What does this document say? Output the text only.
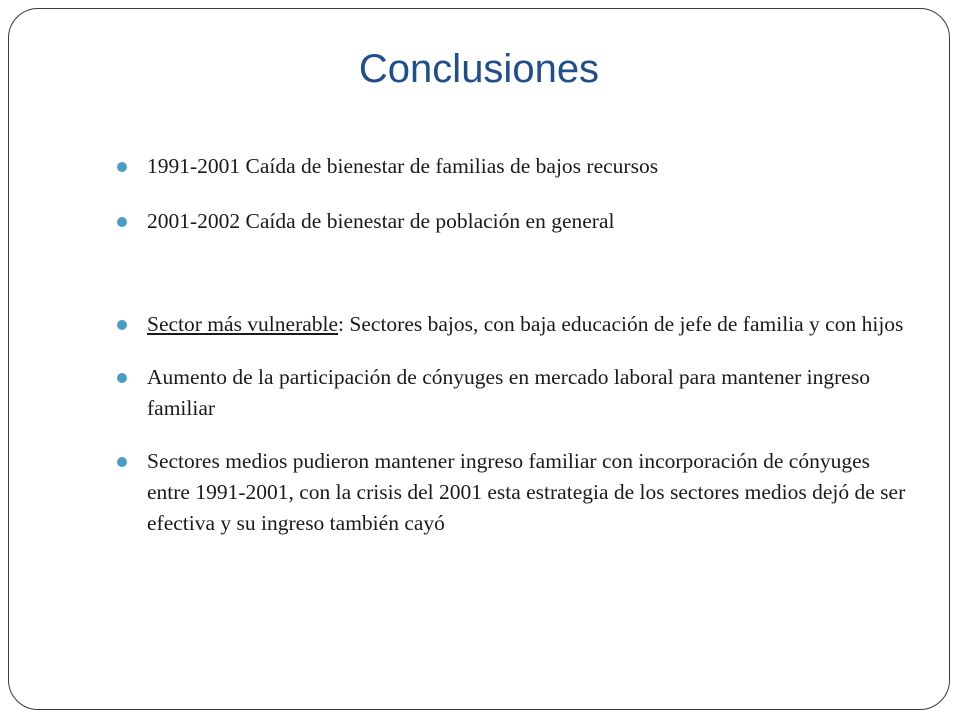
Conclusiones
1991-2001 Caída de bienestar de familias de bajos recursos
2001-2002 Caída de bienestar de población en general
Sector más vulnerable: Sectores bajos, con baja educación de jefe de familia y con hijos
Aumento de la participación de cónyuges en mercado laboral para mantener ingreso familiar
Sectores medios pudieron mantener ingreso familiar con incorporación de cónyuges entre 1991-2001, con la crisis del 2001 esta estrategia de los sectores medios dejó de ser efectiva y su ingreso también cayó
